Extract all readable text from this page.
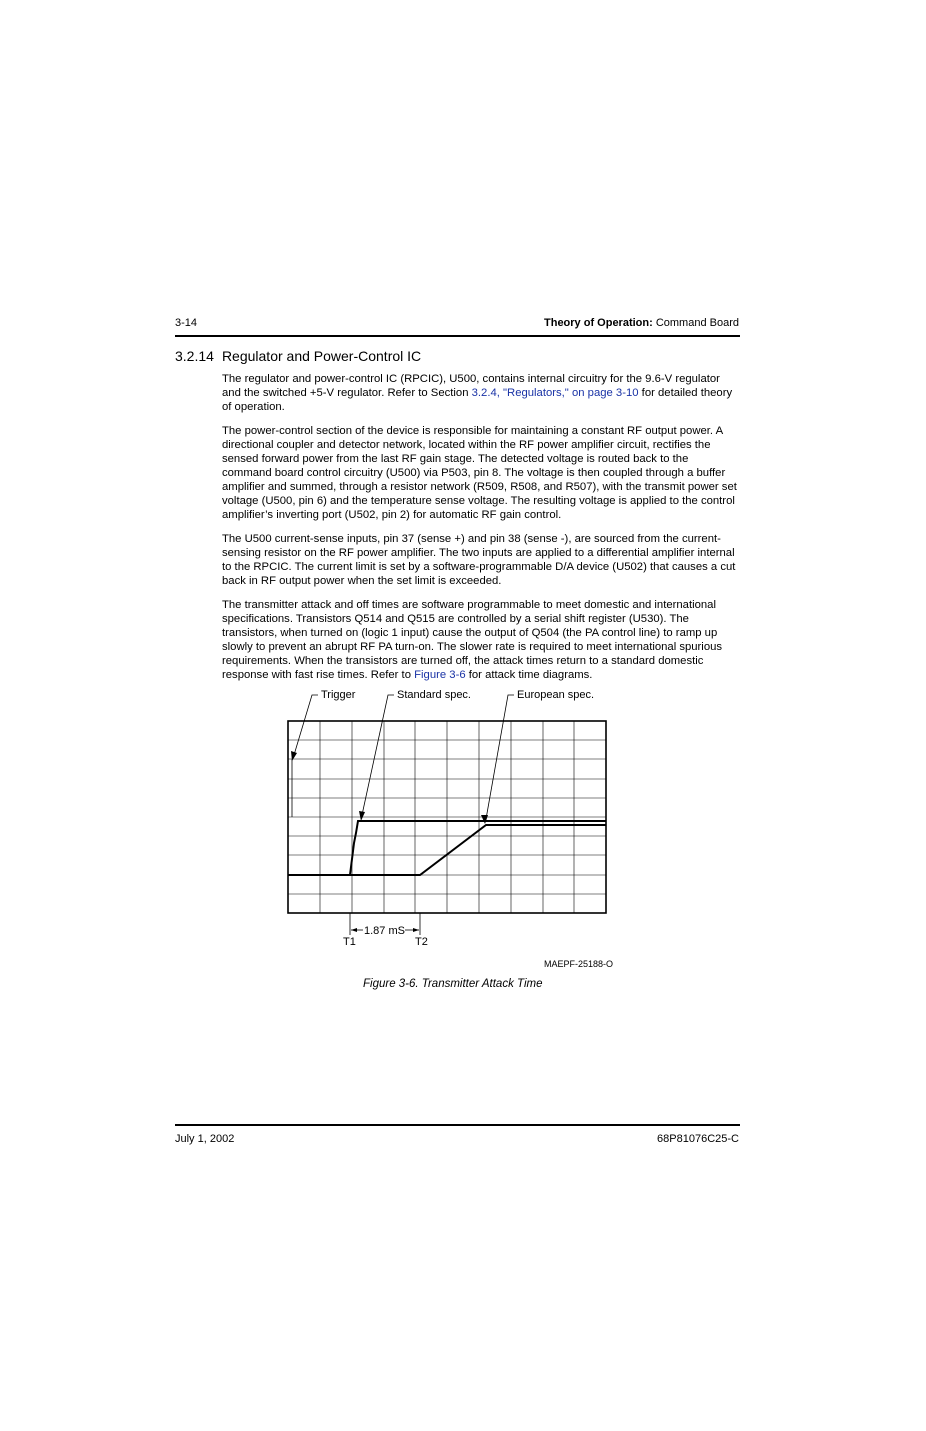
3-14	Theory of Operation: Command Board
3.2.14 Regulator and Power-Control IC

The regulator and power-control IC (RPCIC), U500, contains internal circuitry for the 9.6-V regulator and the switched +5-V regulator. Refer to Section 3.2.4, "Regulators," on page 3-10 for detailed theory of operation.

The power-control section of the device is responsible for maintaining a constant RF output power. A directional coupler and detector network, located within the RF power amplifier circuit, rectifies the sensed forward power from the last RF gain stage. The detected voltage is routed back to the command board control circuitry (U500) via P503, pin 8. The voltage is then coupled through a buffer amplifier and summed, through a resistor network (R509, R508, and R507), with the transmit power set voltage (U500, pin 6) and the temperature sense voltage. The resulting voltage is applied to the control amplifier’s inverting port (U502, pin 2) for automatic RF gain control.

The U500 current-sense inputs, pin 37 (sense +) and pin 38 (sense -), are sourced from the current-sensing resistor on the RF power amplifier. The two inputs are applied to a differential amplifier internal to the RPCIC. The current limit is set by a software-programmable D/A device (U502) that causes a cut back in RF output power when the set limit is exceeded.

The transmitter attack and off times are software programmable to meet domestic and international specifications. Transistors Q514 and Q515 are controlled by a serial shift register (U530). The transistors, when turned on (logic 1 input) cause the output of Q504 (the PA control line) to ramp up slowly to prevent an abrupt RF PA turn-on. The slower rate is required to meet international spurious requirements. When the transistors are turned off, the attack times return to a standard domestic response with fast rise times. Refer to Figure 3-6 for attack time diagrams.

Trigger	Standard spec.	European spec.
1.87 mS
T1	T2
MAEPF-25188-O
Figure 3-6. Transmitter Attack Time
July 1, 2002	68P81076C25-C
